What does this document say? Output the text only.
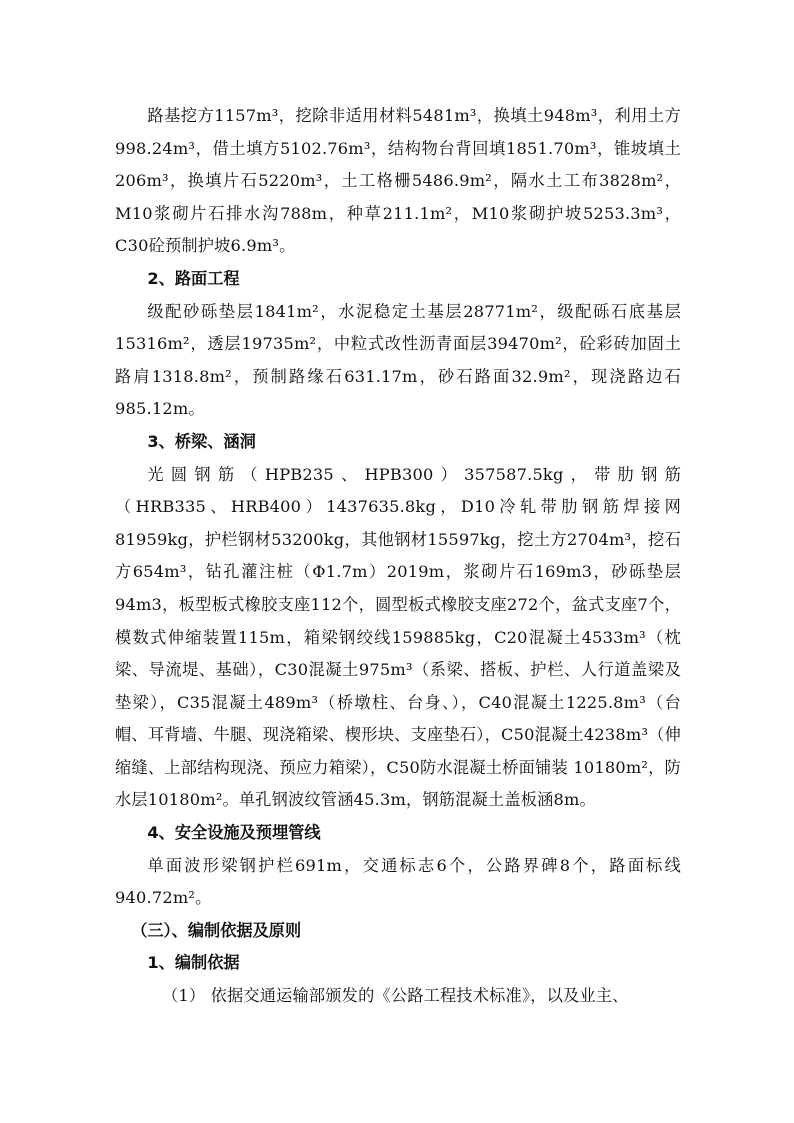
路基挖方1157m³，挖除非适用材料5481m³，换填土948m³，利用土方998.24m³，借土填方5102.76m³，结构物台背回填1851.70m³，锥坡填土206m³，换填片石5220m³，土工格栅5486.9m²，隔水土工布3828m²，M10浆砌片石排水沟788m，种草211.1m²，M10浆砌护坡5253.3m³，C30砼预制护坡6.9m³。

2、路面工程

级配砂砾垫层1841m²，水泥稳定土基层28771m²，级配砾石底基层15316m²，透层19735m²，中粒式改性沥青面层39470m²，砼彩砖加固土路肩1318.8m²，预制路缘石631.17m，砂石路面32.9m²，现浇路边石985.12m。

3、桥梁、涵洞

光圆钢筋（HPB235、HPB300）357587.5kg，带肋钢筋（HRB335、HRB400）1437635.8kg，D10冷轧带肋钢筋焊接网81959kg，护栏钢材53200kg，其他钢材15597kg，挖土方2704m³，挖石方654m³，钻孔灌注桩（Φ1.7m）2019m，浆砌片石169m3，砂砾垫层94m3，板型板式橡胶支座112个，圆型板式橡胶支座272个，盆式支座7个，模数式伸缩装置115m，箱梁钢绞线159885kg，C20混凝土4533m³（枕梁、导流堤、基础），C30混凝土975m³（系梁、搭板、护栏、人行道盖梁及垫梁），C35混凝土489m³（桥墩柱、台身、），C40混凝土1225.8m³（台帽、耳背墙、牛腿、现浇箱梁、楔形块、支座垫石），C50混凝土4238m³（伸缩缝、上部结构现浇、预应力箱梁），C50防水混凝土桥面铺装 10180m²，防水层10180m²。单孔钢波纹管涵45.3m，钢筋混凝土盖板涵8m。

4、安全设施及预埋管线

单面波形梁钢护栏691m，交通标志6个，公路界碑8个，路面标线940.72m²。

（三）、编制依据及原则

1、编制依据

（1） 依据交通运输部颁发的《公路工程技术标准》，以及业主、
